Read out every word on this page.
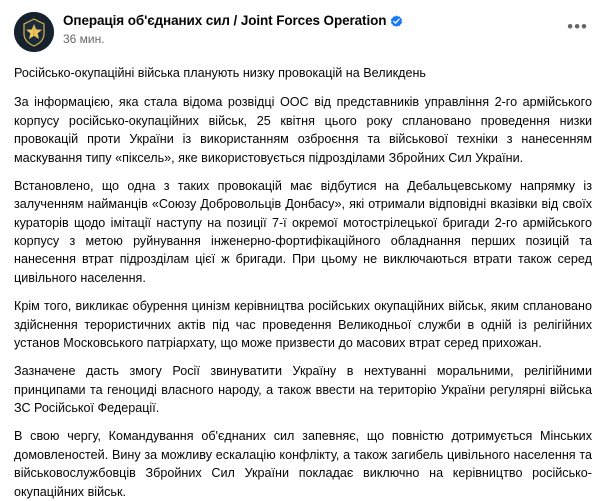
Операція об'єднаних сил / Joint Forces Operation
36 мин.
•••

Російсько-окупаційні війська планують низку провокацій на Великдень

За інформацією, яка стала відома розвідці ООС від представників управління 2-го армійського корпусу російсько-окупаційних військ, 25 квітня цього року сплановано проведення низки провокацій проти України із використанням озброєння та військової техніки з нанесенням маскування типу «піксель», яке використовується підрозділами Збройних Сил України.

Встановлено, що одна з таких провокацій має відбутися на Дебальцевському напрямку із залученням найманців «Союзу Добровольців Донбасу», які отримали відповідні вказівки від своїх кураторів щодо імітації наступу на позиції 7-ї окремої мотострілецької бригади 2-го армійського корпусу з метою руйнування інженерно-фортифікаційного обладнання перших позицій та нанесення втрат підрозділам цієї ж бригади. При цьому не виключаються втрати також серед цивільного населення.

Крім того, викликає обурення цинізм керівництва російських окупаційних військ, яким сплановано здійснення терористичних актів під час проведення Великодньої служби в одній із релігійних установ Московського патріархату, що може призвести до масових втрат серед прихожан.

Зазначене дасть змогу Росії звинуватити Україну в нехтуванні моральними, релігійними принципами та геноциді власного народу, а також ввести на територію України регулярні війська ЗС Російської Федерації.

В свою чергу, Командування об'єднаних сил запевняє, що повністю дотримується Мінських домовленостей. Вину за можливу ескалацію конфлікту, а також загибель цивільного населення та військовослужбовців Збройних Сил України покладає виключно на керівництво російсько-окупаційних військ.
